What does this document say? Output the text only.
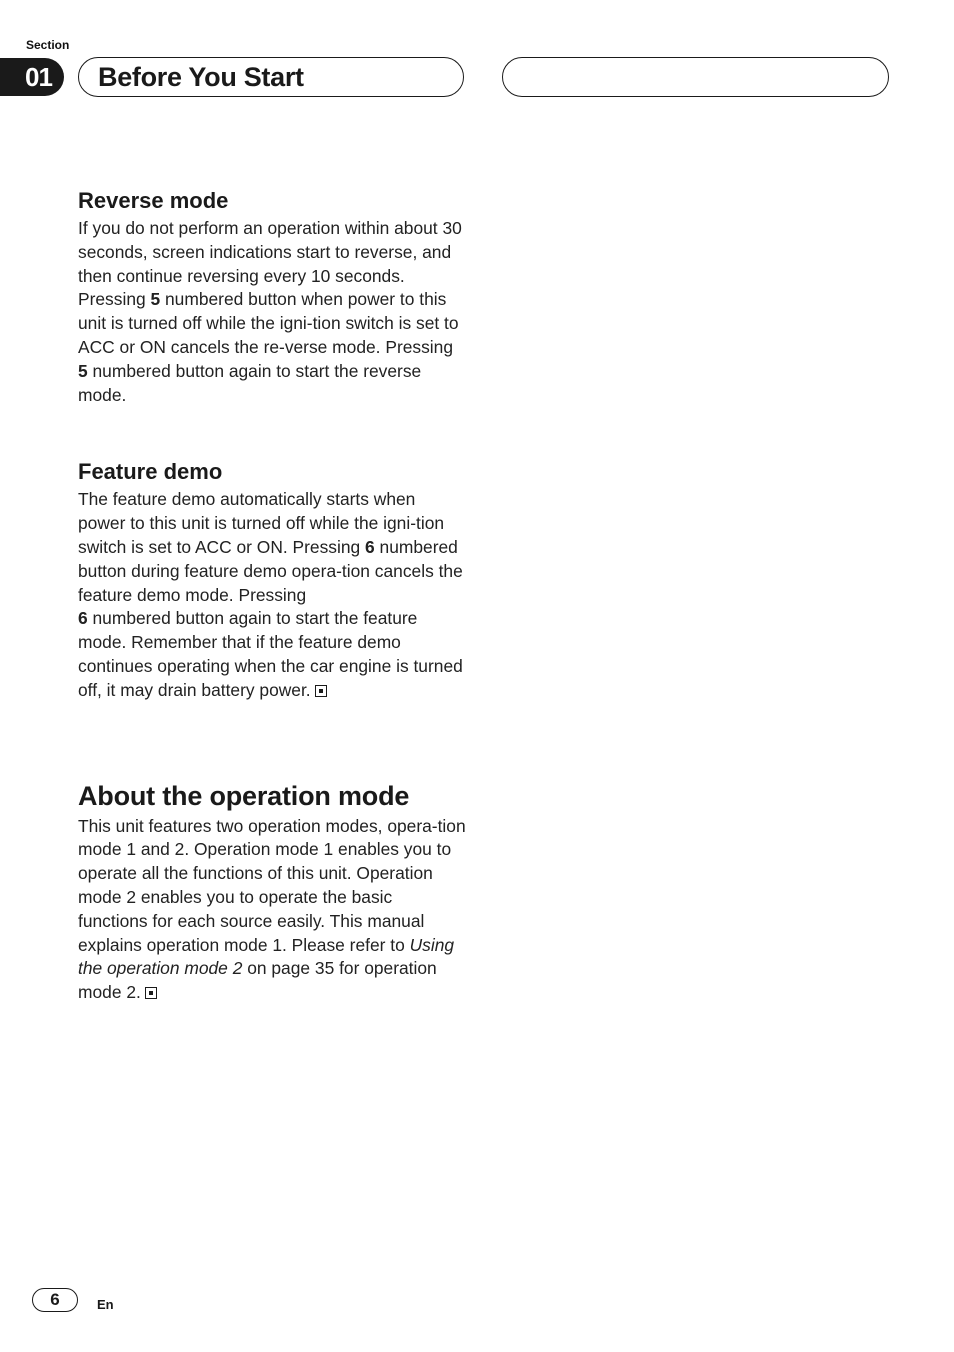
Section
01	Before You Start
Reverse mode

If you do not perform an operation within about 30 seconds, screen indications start to reverse, and then continue reversing every 10 seconds. Pressing 5 numbered button when power to this unit is turned off while the igni-tion switch is set to ACC or ON cancels the re-verse mode. Pressing 5 numbered button again to start the reverse mode.

Feature demo

The feature demo automatically starts when power to this unit is turned off while the igni-tion switch is set to ACC or ON. Pressing 6 numbered button during feature demo opera-tion cancels the feature demo mode. Pressing
6 numbered button again to start the feature mode. Remember that if the feature demo continues operating when the car engine is turned off, it may drain battery power.

About the operation mode

This unit features two operation modes, opera-tion mode 1 and 2. Operation mode 1 enables you to operate all the functions of this unit. Operation mode 2 enables you to operate the basic functions for each source easily. This manual explains operation mode 1. Please refer to Using the operation mode 2 on page 35 for operation mode 2.

6	En
